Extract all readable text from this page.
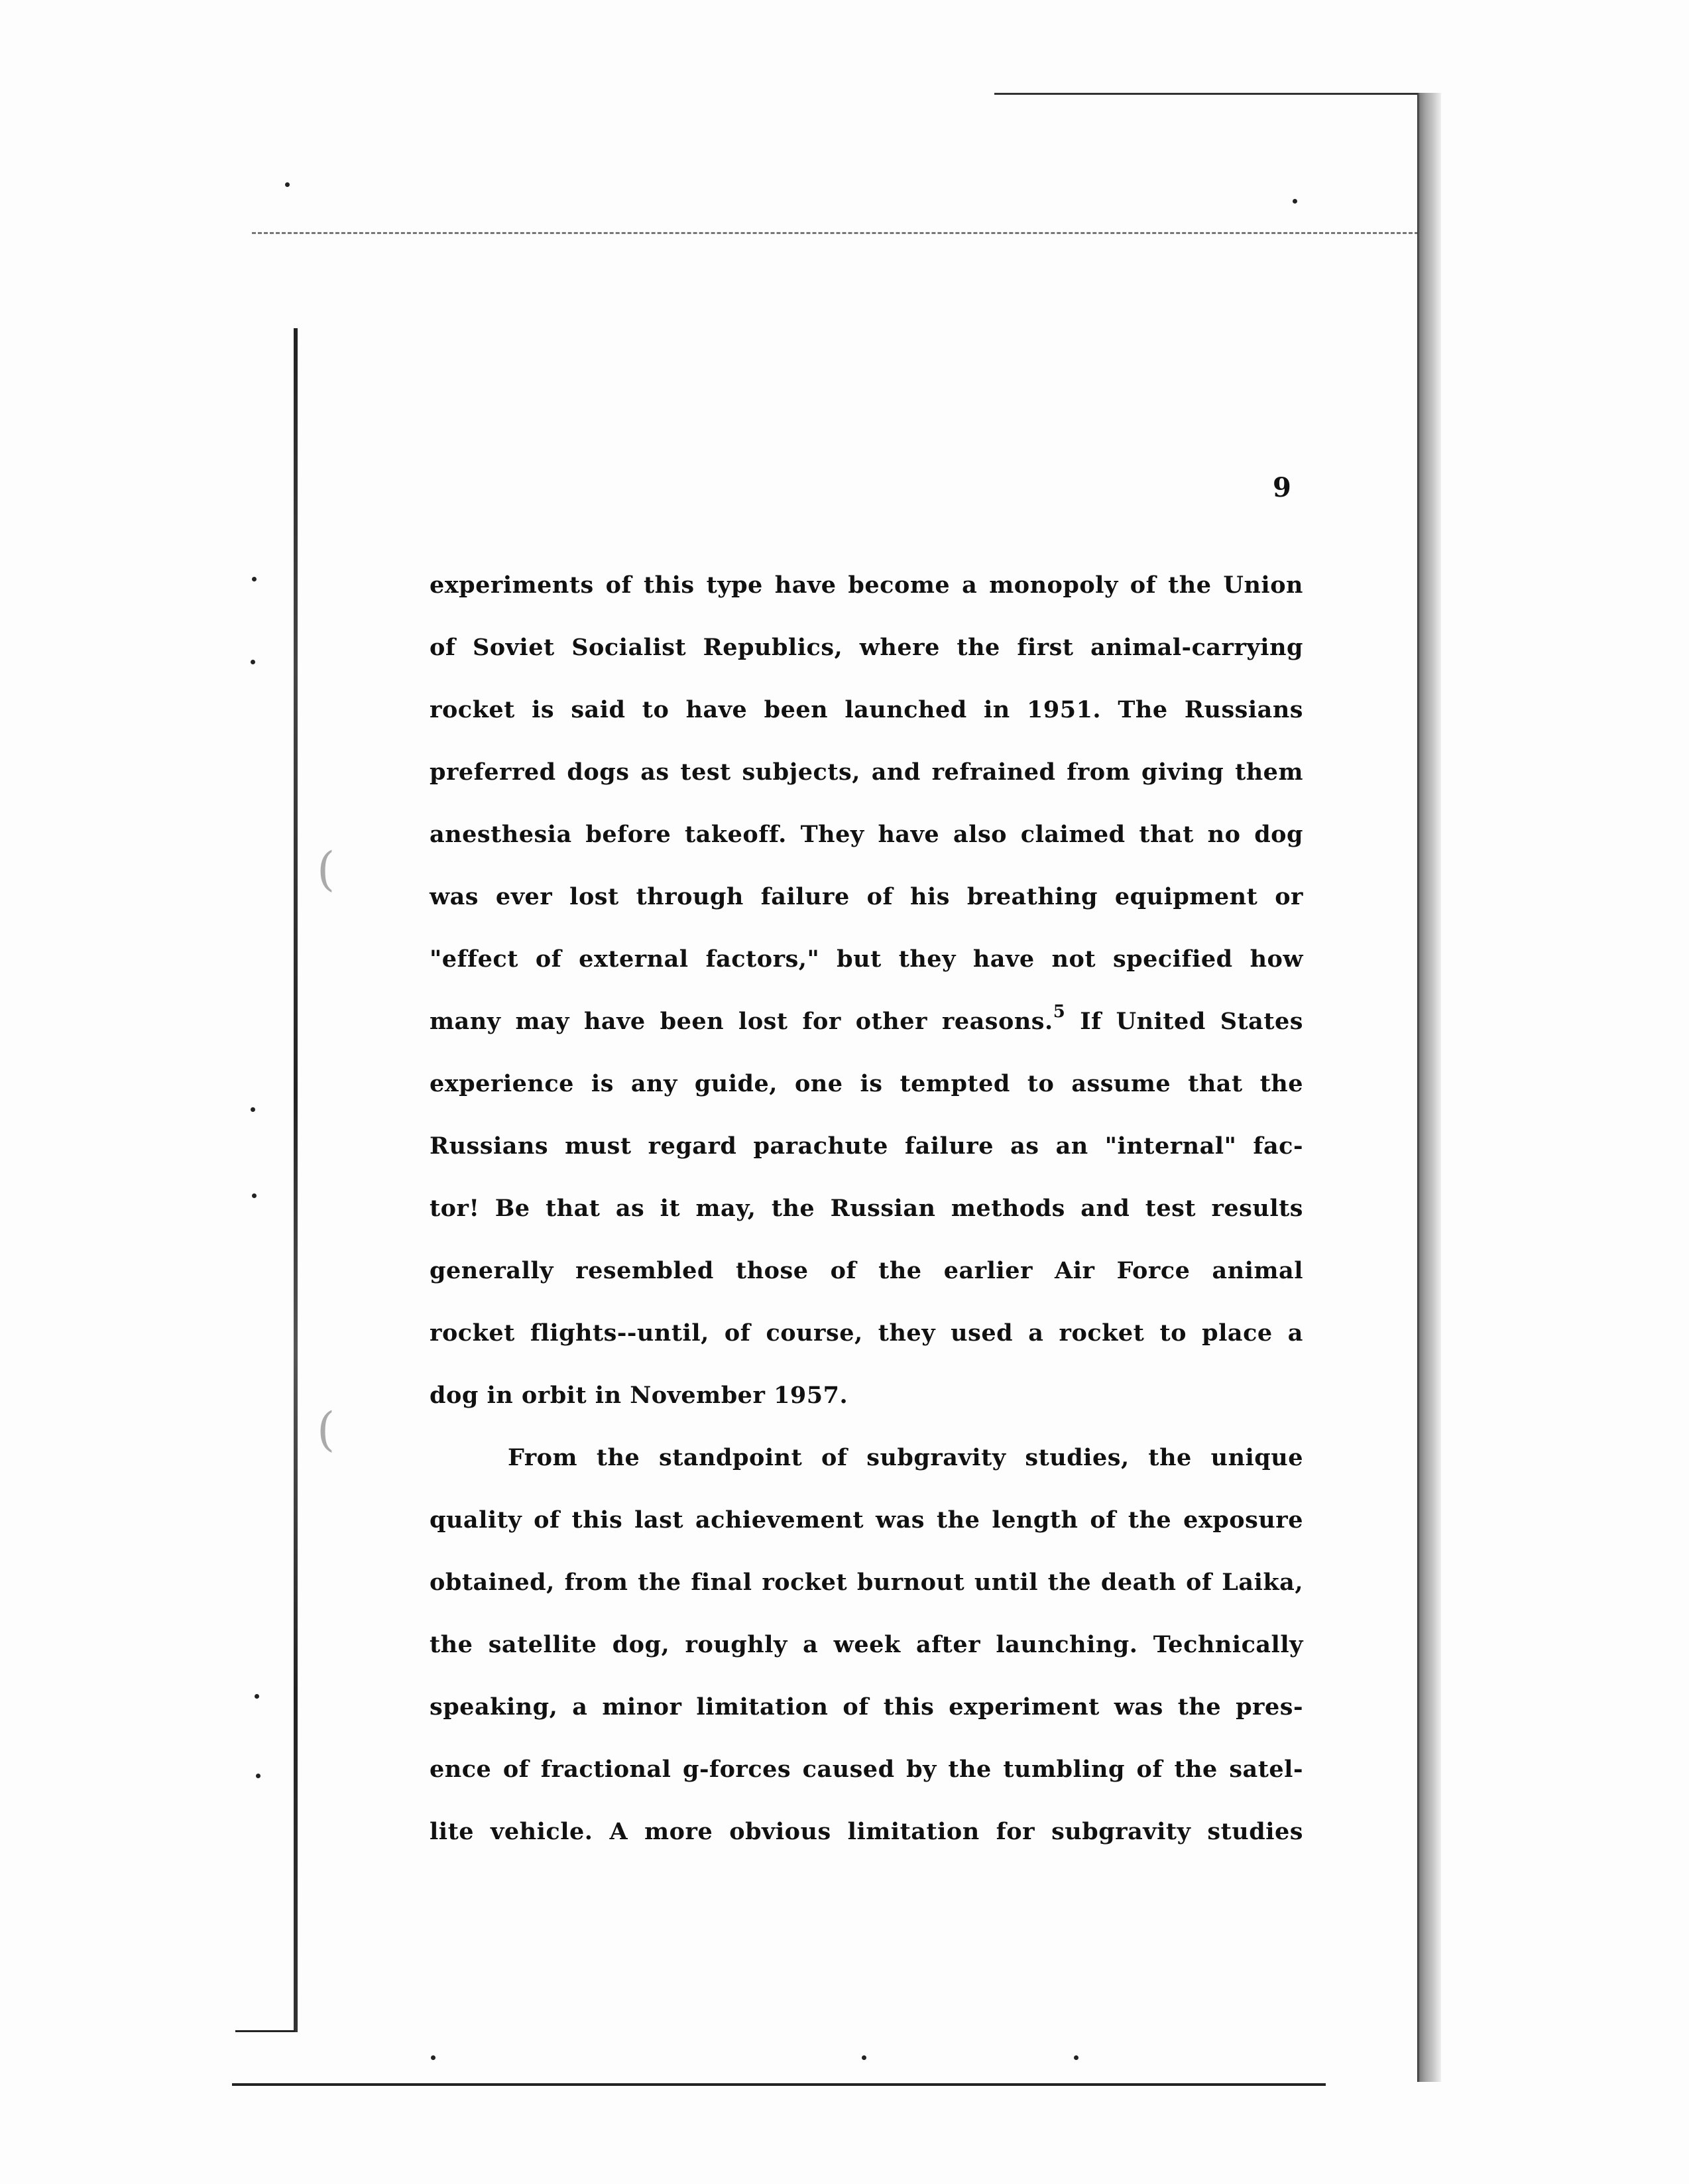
(
(
9
experiments of this type have become a monopoly of the Union
of Soviet Socialist Republics, where the first animal-carrying
rocket is said to have been launched in 1951. The Russians
preferred dogs as test subjects, and refrained from giving them
anesthesia before takeoff. They have also claimed that no dog
was ever lost through failure of his breathing equipment or
"effect of external factors," but they have not specified how
many may have been lost for other reasons.$^5$ If United States
experience is any guide, one is tempted to assume that the
Russians must regard parachute failure as an "internal" fac-
tor! Be that as it may, the Russian methods and test results
generally resembled those of the earlier Air Force animal
rocket flights--until, of course, they used a rocket to place a
dog in orbit in November 1957.
From the standpoint of subgravity studies, the unique
quality of this last achievement was the length of the exposure
obtained, from the final rocket burnout until the death of Laika,
the satellite dog, roughly a week after launching. Technically
speaking, a minor limitation of this experiment was the pres-
ence of fractional g-forces caused by the tumbling of the satel-
lite vehicle. A more obvious limitation for subgravity studies
